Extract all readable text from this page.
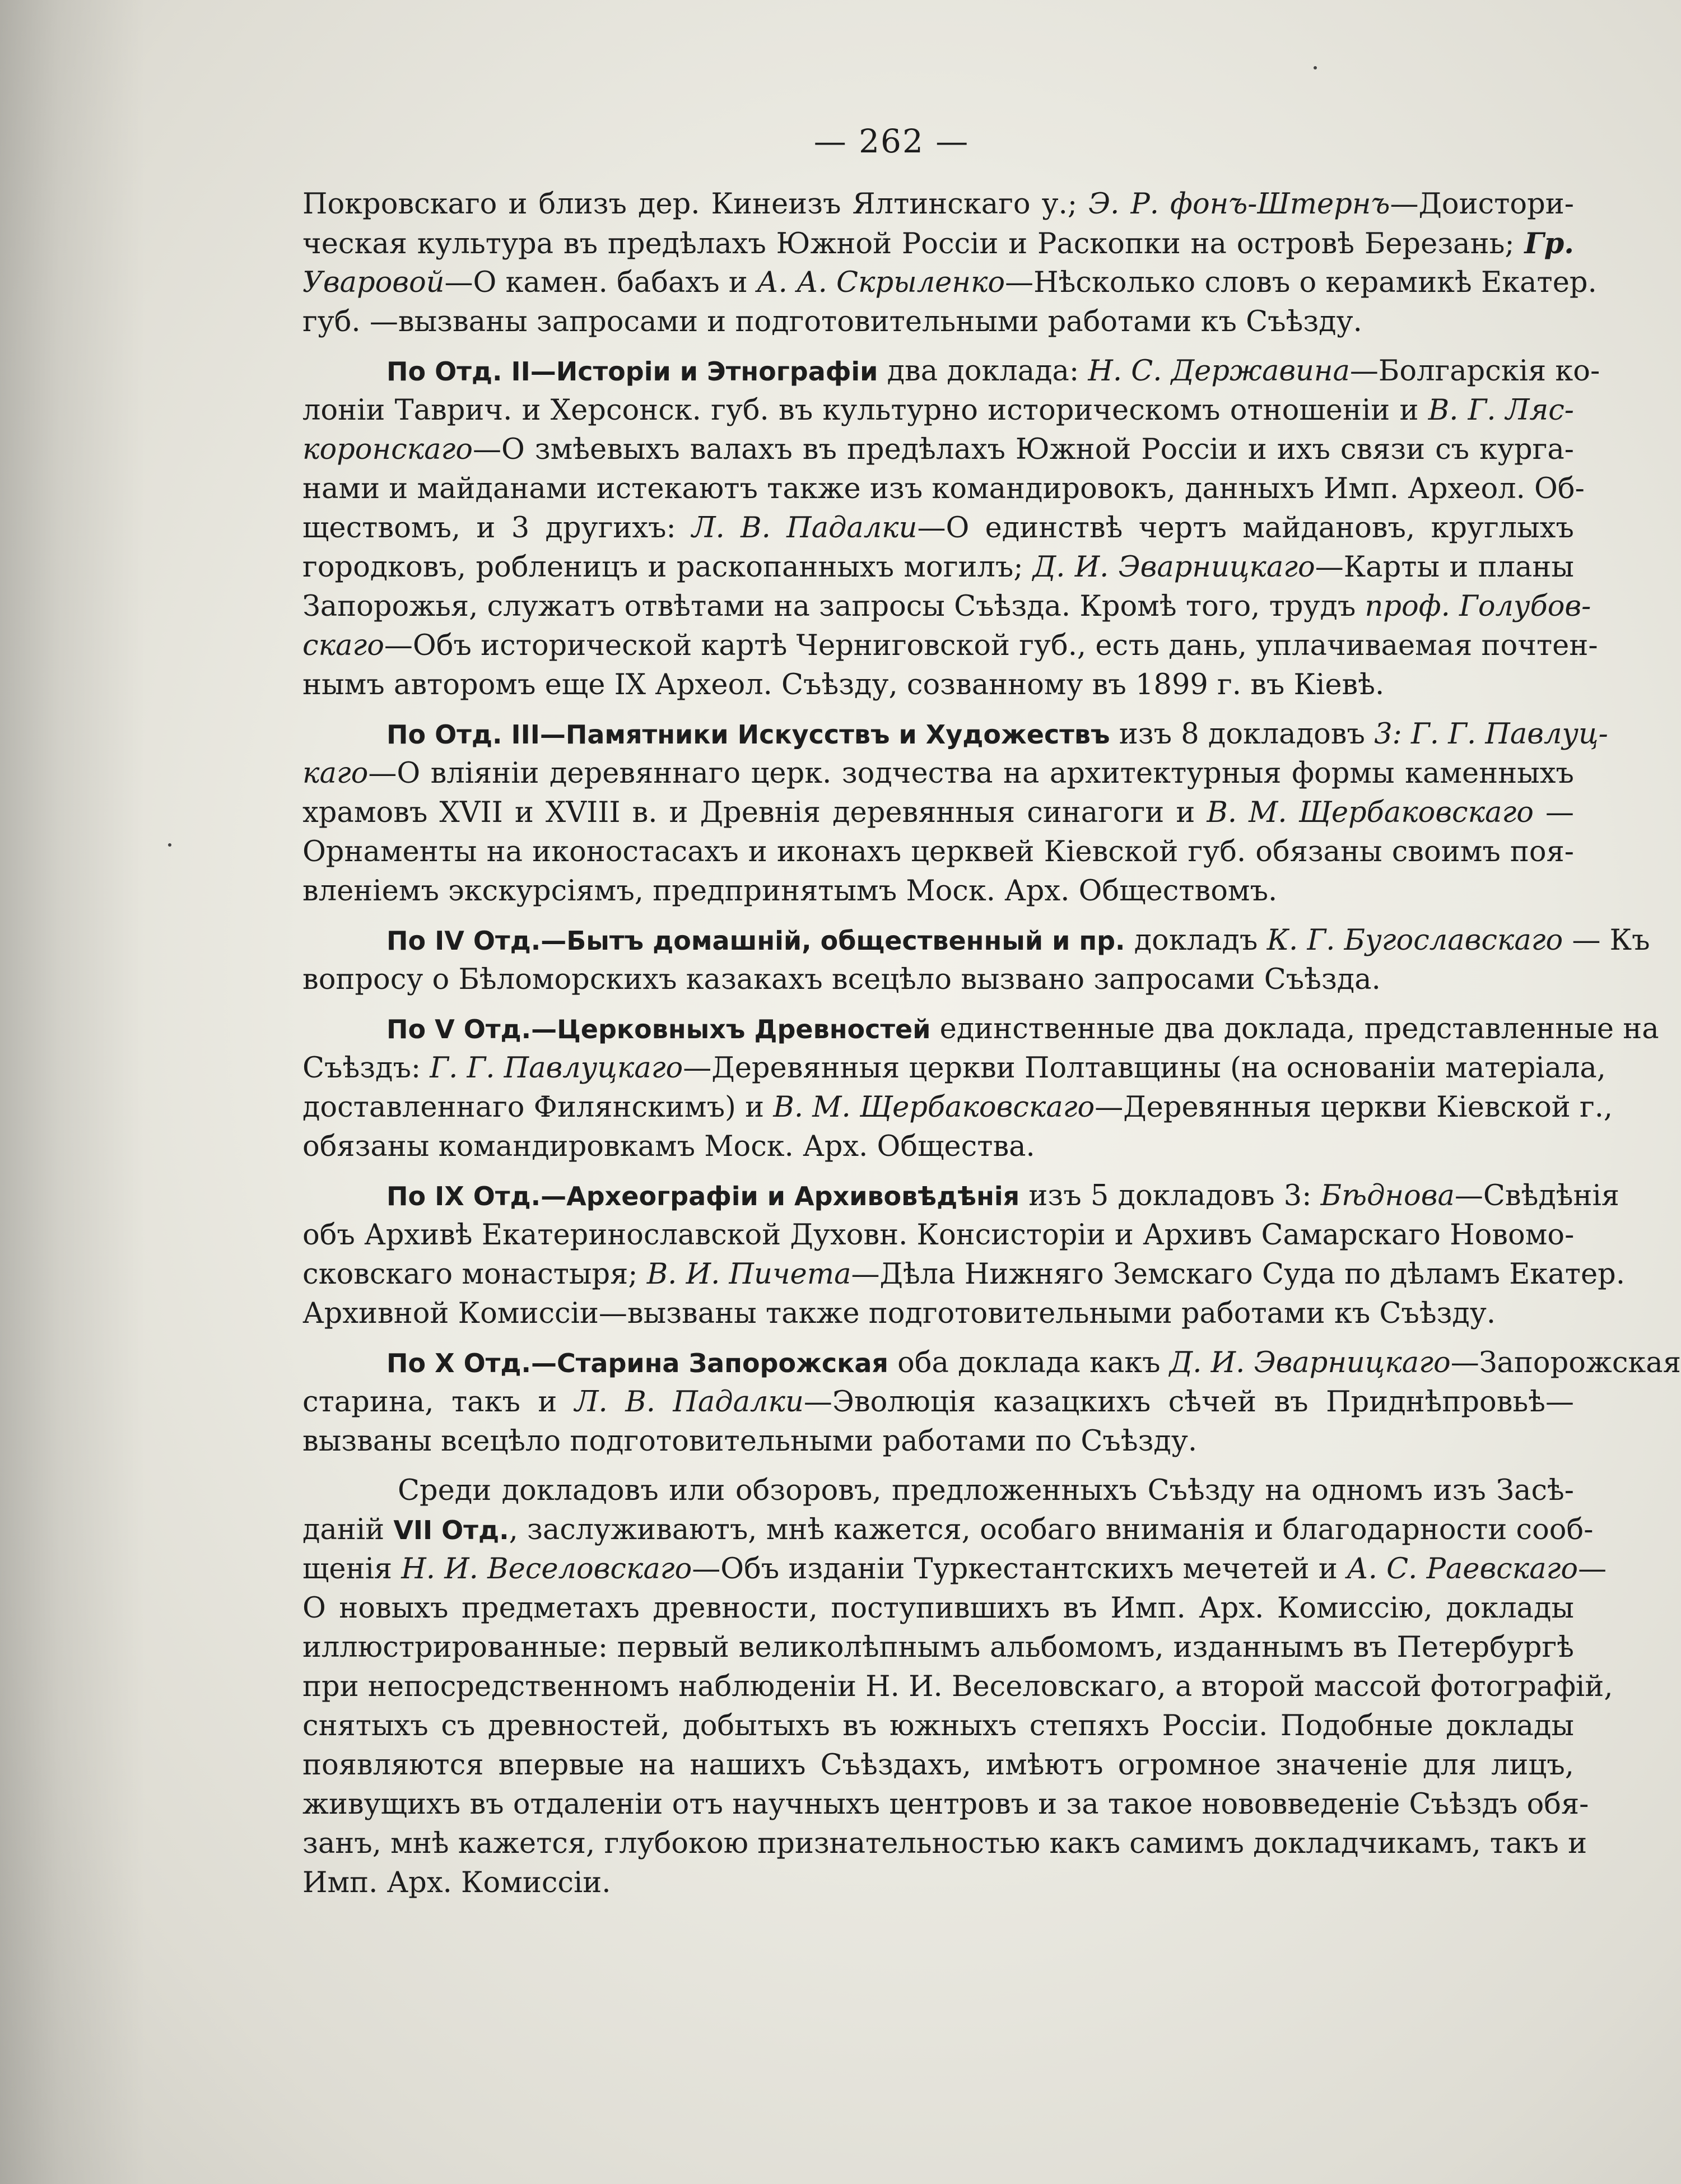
— 262 —
Покровскаго и близъ дер. Кинеизъ Ялтинскаго у.; Э. Р. фонъ-Штернъ—Доистори-
ческая культура въ предѣлахъ Южной Россіи и Раскопки на островѣ Березань; Гр.
Уваровой—О камен. бабахъ и А. А. Скрыленко—Нѣсколько словъ о керамикѣ Екатер.
губ. —вызваны запросами и подготовительными работами къ Съѣзду.
По Отд. II—Исторіи и Этнографіи два доклада: Н. С. Державина—Болгарскія ко-
лоніи Таврич. и Херсонск. губ. въ культурно историческомъ отношеніи и В. Г. Ляс-
коронскаго—О змѣевыхъ валахъ въ предѣлахъ Южной Россіи и ихъ связи съ курга-
нами и майданами истекаютъ также изъ командировокъ, данныхъ Имп. Археол. Об-
ществомъ, и 3 другихъ: Л. В. Падалки—О единствѣ чертъ майдановъ, круглыхъ
городковъ, робленицъ и раскопанныхъ могилъ; Д. И. Эварницкаго—Карты и планы
Запорожья, служатъ отвѣтами на запросы Съѣзда. Кромѣ того, трудъ проф. Голубов-
скаго—Объ исторической картѣ Черниговской губ., есть дань, уплачиваемая почтен-
нымъ авторомъ еще IX Археол. Съѣзду, созванному въ 1899 г. въ Кіевѣ.
По Отд. III—Памятники Искусствъ и Художествъ изъ 8 докладовъ 3: Г. Г. Павлуц-
каго—О вліяніи деревяннаго церк. зодчества на архитектурныя формы каменныхъ
храмовъ XVII и XVIII в. и Древнія деревянныя синагоги и В. М. Щербаковскаго —
Орнаменты на иконостасахъ и иконахъ церквей Кіевской губ. обязаны своимъ поя-
вленіемъ экскурсіямъ, предпринятымъ Моск. Арх. Обществомъ.
По IV Отд.—Бытъ домашній, общественный и пр. докладъ К. Г. Бугославскаго — Къ
вопросу о Бѣломорскихъ казакахъ всецѣло вызвано запросами Съѣзда.
По V Отд.—Церковныхъ Древностей единственные два доклада, представленные на
Съѣздъ: Г. Г. Павлуцкаго—Деревянныя церкви Полтавщины (на основаніи матеріала,
доставленнаго Филянскимъ) и В. М. Щербаковскаго—Деревянныя церкви Кіевской г.,
обязаны командировкамъ Моск. Арх. Общества.
По IX Отд.—Археографіи и Архивовѣдѣнія изъ 5 докладовъ 3: Бѣднова—Свѣдѣнія
объ Архивѣ Екатеринославской Духовн. Консисторіи и Архивъ Самарскаго Новомо-
сковскаго монастыря; В. И. Пичета—Дѣла Нижняго Земскаго Суда по дѣламъ Екатер.
Архивной Комиссіи—вызваны также подготовительными работами къ Съѣзду.
По X Отд.—Старина Запорожская оба доклада какъ Д. И. Эварницкаго—Запорожская
старина, такъ и Л. В. Падалки—Эволюція казацкихъ сѣчей въ Приднѣпровьѣ—
вызваны всецѣло подготовительными работами по Съѣзду.
Среди докладовъ или обзоровъ, предложенныхъ Съѣзду на одномъ изъ Засѣ-
даній VII Отд., заслуживаютъ, мнѣ кажется, особаго вниманія и благодарности сооб-
щенія Н. И. Веселовскаго—Объ изданіи Туркестантскихъ мечетей и А. С. Раевскаго—
О новыхъ предметахъ древности, поступившихъ въ Имп. Арх. Комиссію, доклады
иллюстрированные: первый великолѣпнымъ альбомомъ, изданнымъ въ Петербургѣ
при непосредственномъ наблюденіи Н. И. Веселовскаго, а второй массой фотографій,
снятыхъ съ древностей, добытыхъ въ южныхъ степяхъ Россіи. Подобные доклады
появляются впервые на нашихъ Съѣздахъ, имѣютъ огромное значеніе для лицъ,
живущихъ въ отдаленіи отъ научныхъ центровъ и за такое нововведеніе Съѣздъ обя-
занъ, мнѣ кажется, глубокою признательностью какъ самимъ докладчикамъ, такъ и
Имп. Арх. Комиссіи.
